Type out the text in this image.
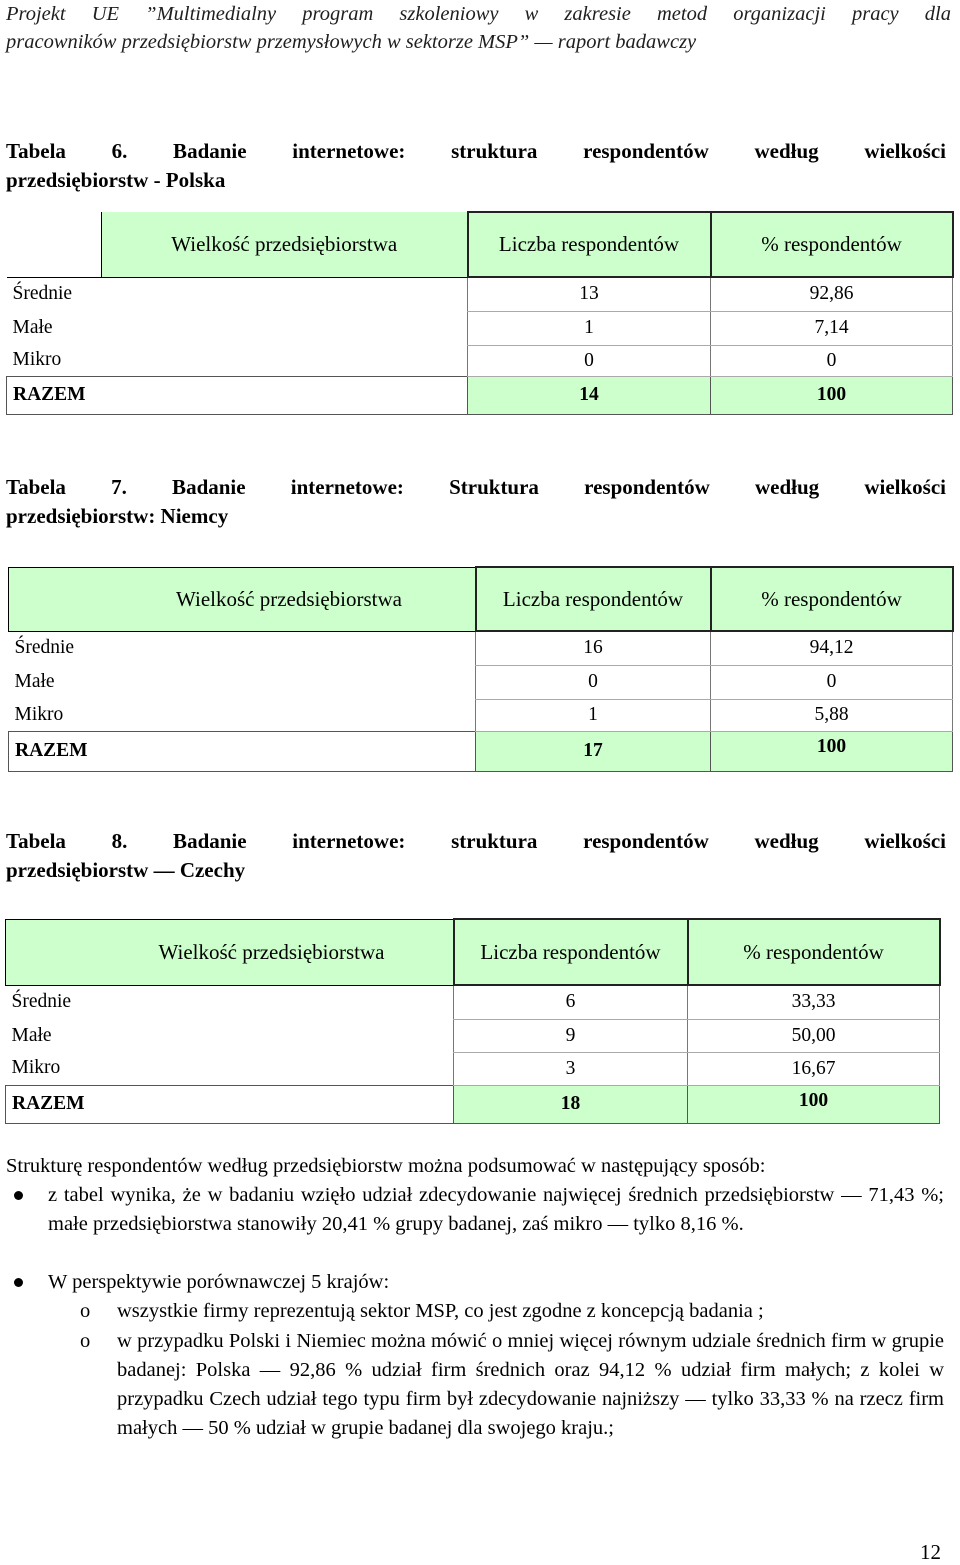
Projekt UE ”Multimedialny program szkoleniowy w zakresie metod organizacji pracy dla
pracowników przedsiębiorstw przemysłowych w sektorze MSP” — raport badawczy
Tabela 6. Badanie internetowe: struktura respondentów według wielkości
przedsiębiorstw - Polska
	Wielkość przedsiębiorstwa	Liczba respondentów	% respondentów
Średnie		13	92,86
Małe		1	7,14
Mikro		0	0
RAZEM		14	100
Tabela 7. Badanie internetowe: Struktura respondentów według wielkości
przedsiębiorstw: Niemcy
	Wielkość przedsiębiorstwa	Liczba respondentów	% respondentów
Średnie		16	94,12
Małe		0	0
Mikro		1	5,88
RAZEM		17	100
Tabela 8. Badanie internetowe: struktura respondentów według wielkości
przedsiębiorstw — Czechy
	Wielkość przedsiębiorstwa	Liczba respondentów	% respondentów
Średnie		6	33,33
Małe		9	50,00
Mikro		3	16,67
RAZEM		18	100
Strukturę respondentów według przedsiębiorstw można podsumować w następujący sposób:
z tabel wynika, że w badaniu wzięło udział zdecydowanie najwięcej średnich przedsiębiorstw — 71,43 %; małe przedsiębiorstwa stanowiły 20,41 % grupy badanej, zaś mikro — tylko 8,16 %.
W perspektywie porównawczej 5 krajów:
o wszystkie firmy reprezentują sektor MSP, co jest zgodne z koncepcją badania ;
o w przypadku Polski i Niemiec można mówić o mniej więcej równym udziale średnich firm w grupie badanej: Polska — 92,86 % udział firm średnich oraz 94,12 % udział firm małych; z kolei w przypadku Czech udział tego typu firm był zdecydowanie najniższy — tylko 33,33 % na rzecz firm małych — 50 % udział w grupie badanej dla swojego kraju.;
12
